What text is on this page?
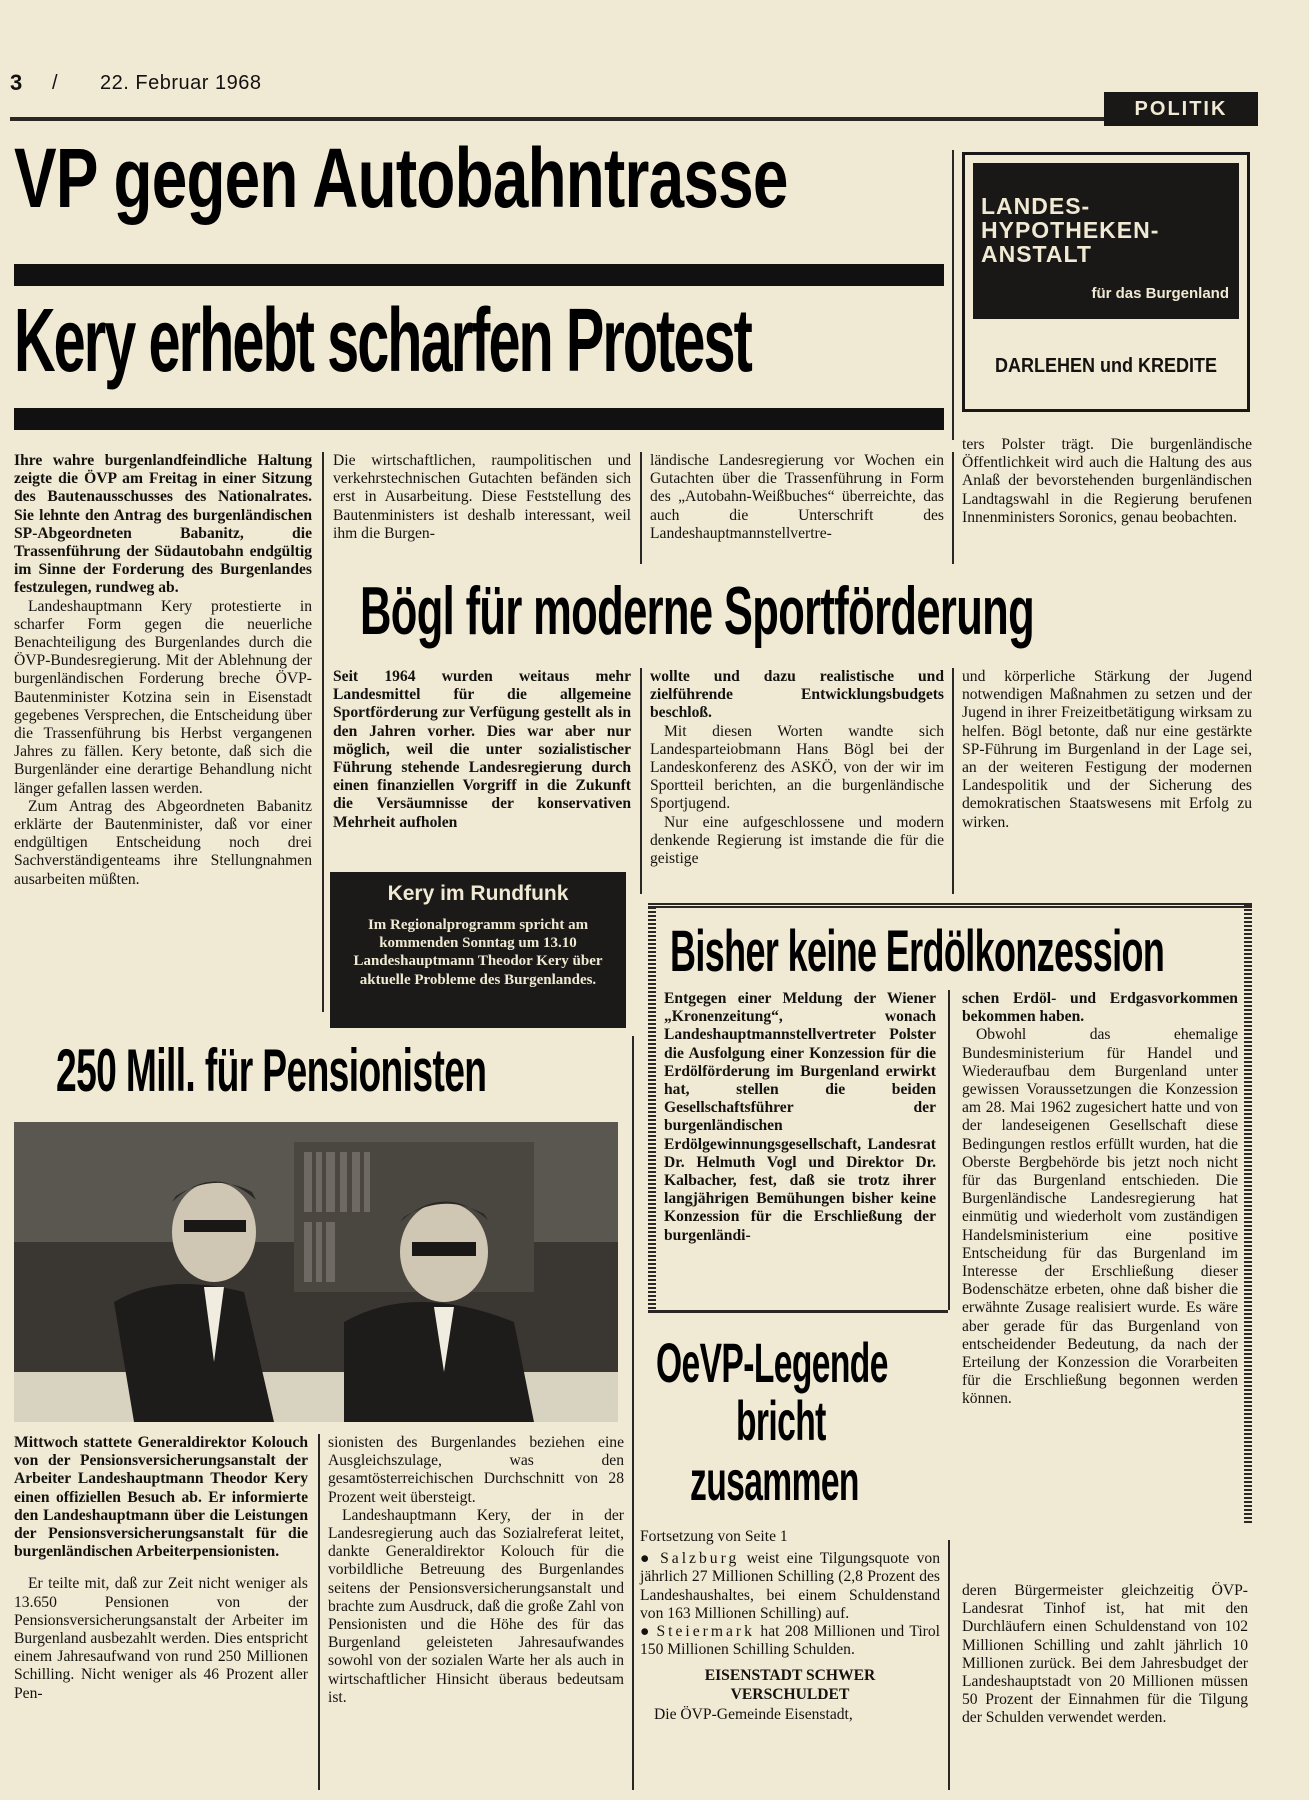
3 / 22. Februar 1968
POLITIK
VP gegen Autobahntrasse
Kery erhebt scharfen Protest
LANDES-
HYPOTHEKEN-
ANSTALT
für das Burgenland
DARLEHEN und KREDITE

Ihre wahre burgenlandfeindliche Haltung zeigte die ÖVP am Freitag in einer Sitzung des Bautenausschusses des Nationalrates. Sie lehnte den Antrag des burgenländischen SP-Abgeordneten Babanitz, die Trassenführung der Südautobahn endgültig im Sinne der Forderung des Burgenlandes festzulegen, rundweg ab.

Landeshauptmann Kery protestierte in scharfer Form gegen die neuerliche Benachteiligung des Burgenlandes durch die ÖVP-Bundesregierung. Mit der Ablehnung der burgenländischen Forderung breche ÖVP-Bautenminister Kotzina sein in Eisenstadt gegebenes Versprechen, die Entscheidung über die Trassenführung bis Herbst vergangenen Jahres zu fällen. Kery betonte, daß sich die Burgenländer eine derartige Behandlung nicht länger gefallen lassen werden.

Zum Antrag des Abgeordneten Babanitz erklärte der Bautenminister, daß vor einer endgültigen Entscheidung noch drei Sachverständigenteams ihre Stellungnahmen ausarbeiten müßten.

Die wirtschaftlichen, raumpolitischen und verkehrstechnischen Gutachten befänden sich erst in Ausarbeitung. Diese Feststellung des Bautenministers ist deshalb interessant, weil ihm die Burgen-

ländische Landesregierung vor Wochen ein Gutachten über die Trassenführung in Form des „Autobahn-Weißbuches“ überreichte, das auch die Unterschrift des Landeshauptmannstellvertre-

ters Polster trägt. Die burgenländische Öffentlichkeit wird auch die Haltung des aus Anlaß der bevorstehenden burgenländischen Landtagswahl in die Regierung berufenen Innenministers Soronics, genau beobachten.

Bögl für moderne Sportförderung

Seit 1964 wurden weitaus mehr Landesmittel für die allgemeine Sportförderung zur Verfügung gestellt als in den Jahren vorher. Dies war aber nur möglich, weil die unter sozialistischer Führung stehende Landesregierung durch einen finanziellen Vorgriff in die Zukunft die Versäumnisse der konservativen Mehrheit aufholen

wollte und dazu realistische und zielführende Entwicklungsbudgets beschloß.

Mit diesen Worten wandte sich Landesparteiobmann Hans Bögl bei der Landeskonferenz des ASKÖ, von der wir im Sportteil berichten, an die burgenländische Sportjugend.

Nur eine aufgeschlossene und modern denkende Regierung ist imstande die für die geistige

und körperliche Stärkung der Jugend notwendigen Maßnahmen zu setzen und der Jugend in ihrer Freizeitbetätigung wirksam zu helfen. Bögl betonte, daß nur eine gestärkte SP-Führung im Burgenland in der Lage sei, an der weiteren Festigung der modernen Landespolitik und der Sicherung des demokratischen Staatswesens mit Erfolg zu wirken.

Kery im Rundfunk
Im Regionalprogramm spricht am kommenden Sonntag um 13.10 Landeshauptmann Theodor Kery über aktuelle Probleme des Burgenlandes. Bisher keine Erdölkonzession

Entgegen einer Meldung der Wiener „Kronenzeitung“, wonach Landeshauptmannstellvertreter Polster die Ausfolgung einer Konzession für die Erdölförderung im Burgenland erwirkt hat, stellen die beiden Gesellschaftsführer der burgenländischen Erdölgewinnungsgesellschaft, Landesrat Dr. Helmuth Vogl und Direktor Dr. Kalbacher, fest, daß sie trotz ihrer langjährigen Bemühungen bisher keine Konzession für die Erschließung der burgenländi-

schen Erdöl- und Erdgasvorkommen bekommen haben.

Obwohl das ehemalige Bundesministerium für Handel und Wiederaufbau dem Burgenland unter gewissen Voraussetzungen die Konzession am 28. Mai 1962 zugesichert hatte und von der landeseigenen Gesellschaft diese Bedingungen restlos erfüllt wurden, hat die Oberste Bergbehörde bis jetzt noch nicht für das Burgenland entschieden. Die Burgenländische Landesregierung hat einmütig und wiederholt vom zuständigen Handelsministerium eine positive Entscheidung für das Burgenland im Interesse der Erschließung dieser Bodenschätze erbeten, ohne daß bisher die erwähnte Zusage realisiert wurde. Es wäre aber gerade für das Burgenland von entscheidender Bedeutung, da nach der Erteilung der Konzession die Vorarbeiten für die Erschließung begonnen werden können.

250 Mill. für Pensionisten

Mittwoch stattete Generaldirektor Kolouch von der Pensionsversicherungsanstalt der Arbeiter Landeshauptmann Theodor Kery einen offiziellen Besuch ab. Er informierte den Landeshauptmann über die Leistungen der Pensionsversicherungsanstalt für die burgenländischen Arbeiterpensionisten.

Er teilte mit, daß zur Zeit nicht weniger als 13.650 Pensionen von der Pensionsversicherungsanstalt der Arbeiter im Burgenland ausbezahlt werden. Dies entspricht einem Jahresaufwand von rund 250 Millionen Schilling. Nicht weniger als 46 Prozent aller Pen-

sionisten des Burgenlandes beziehen eine Ausgleichszulage, was den gesamtösterreichischen Durchschnitt von 28 Prozent weit übersteigt.

Landeshauptmann Kery, der in der Landesregierung auch das Sozialreferat leitet, dankte Generaldirektor Kolouch für die vorbildliche Betreuung des Burgenlandes seitens der Pensionsversicherungsanstalt und brachte zum Ausdruck, daß die große Zahl von Pensionisten und die Höhe des für das Burgenland geleisteten Jahresaufwandes sowohl von der sozialen Warte her als auch in wirtschaftlicher Hinsicht überaus bedeutsam ist.

OeVP-Legende
bricht
zusammen

Fortsetzung von Seite 1

● Salzburg weist eine Tilgungsquote von jährlich 27 Millionen Schilling (2,8 Prozent des Landeshaushaltes, bei einem Schuldenstand von 163 Millionen Schilling) auf.

● Steiermark hat 208 Millionen und Tirol 150 Millionen Schilling Schulden.

EISENSTADT SCHWER VERSCHULDET

Die ÖVP-Gemeinde Eisenstadt,

deren Bürgermeister gleichzeitig ÖVP-Landesrat Tinhof ist, hat mit den Durchläufern einen Schuldenstand von 102 Millionen Schilling und zahlt jährlich 10 Millionen zurück. Bei dem Jahresbudget der Landeshauptstadt von 20 Millionen müssen 50 Prozent der Einnahmen für die Tilgung der Schulden verwendet werden.
